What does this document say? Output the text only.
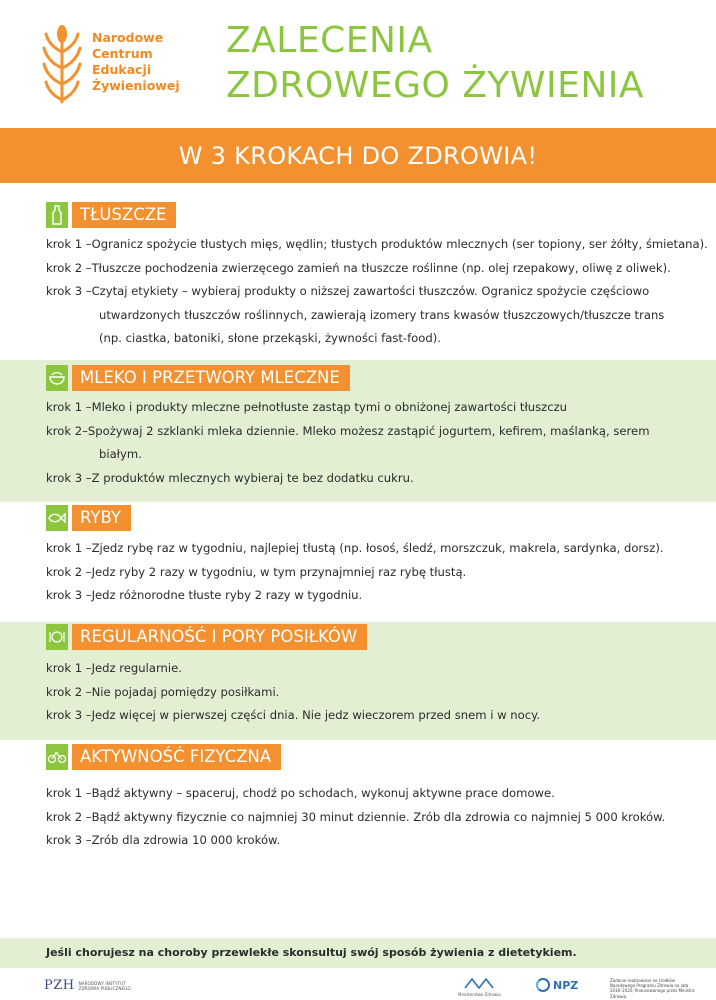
Narodowe
Centrum
Edukacji
Żywieniowej
ZALECENIA
ZDROWEGO ŻYWIENIA
W 3 KROKACH DO ZDROWIA!
TŁUSZCZE
krok 1 – Ogranicz spożycie tłustych mięs, wędlin; tłustych produktów mlecznych (ser topiony, ser żółty, śmietana).
krok 2 – Tłuszcze pochodzenia zwierzęcego zamień na tłuszcze roślinne (np. olej rzepakowy, oliwę z oliwek).
krok 3 – Czytaj etykiety – wybieraj produkty o niższej zawartości tłuszczów. Ogranicz spożycie częściowo
utwardzonych tłuszczów roślinnych, zawierają izomery trans kwasów tłuszczowych/tłuszcze trans
(np. ciastka, batoniki, słone przekąski, żywności fast-food).
MLEKO I PRZETWORY MLECZNE
krok 1 – Mleko i produkty mleczne pełnotłuste zastąp tymi o obniżonej zawartości tłuszczu
krok 2– Spożywaj 2 szklanki mleka dziennie. Mleko możesz zastąpić jogurtem, kefirem, maślanką, serem
białym.
krok 3 – Z produktów mlecznych wybieraj te bez dodatku cukru.
RYBY
krok 1 – Zjedz rybę raz w tygodniu, najlepiej tłustą (np. łosoś, śledź, morszczuk, makrela, sardynka, dorsz).
krok 2 – Jedz ryby 2 razy w tygodniu, w tym przynajmniej raz rybę tłustą.
krok 3 – Jedz różnorodne tłuste ryby 2 razy w tygodniu.
REGULARNOŚĆ I PORY POSIŁKÓW
krok 1 – Jedz regularnie.
krok 2 – Nie pojadaj pomiędzy posiłkami.
krok 3 – Jedz więcej w pierwszej części dnia. Nie jedz wieczorem przed snem i w nocy.
AKTYWNOŚĆ FIZYCZNA
krok 1 – Bądź aktywny – spaceruj, chodź po schodach, wykonuj aktywne prace domowe.
krok 2 – Bądź aktywny fizycznie co najmniej 30 minut dziennie. Zrób dla zdrowia co najmniej 5 000 kroków.
krok 3 – Zrób dla zdrowia 10 000 kroków.
Jeśli chorujesz na choroby przewlekłe skonsultuj swój sposób żywienia z dietetykiem.
PZH NARODOWY INSTYTUT
ZDROWIA PUBLICZNEGO
Ministerstwo Zdrowia
NPZ	Zadanie realizowane ze środków Narodowego Programu Zdrowia na lata 2016–2020, finansowanego przez Ministra Zdrowia.
